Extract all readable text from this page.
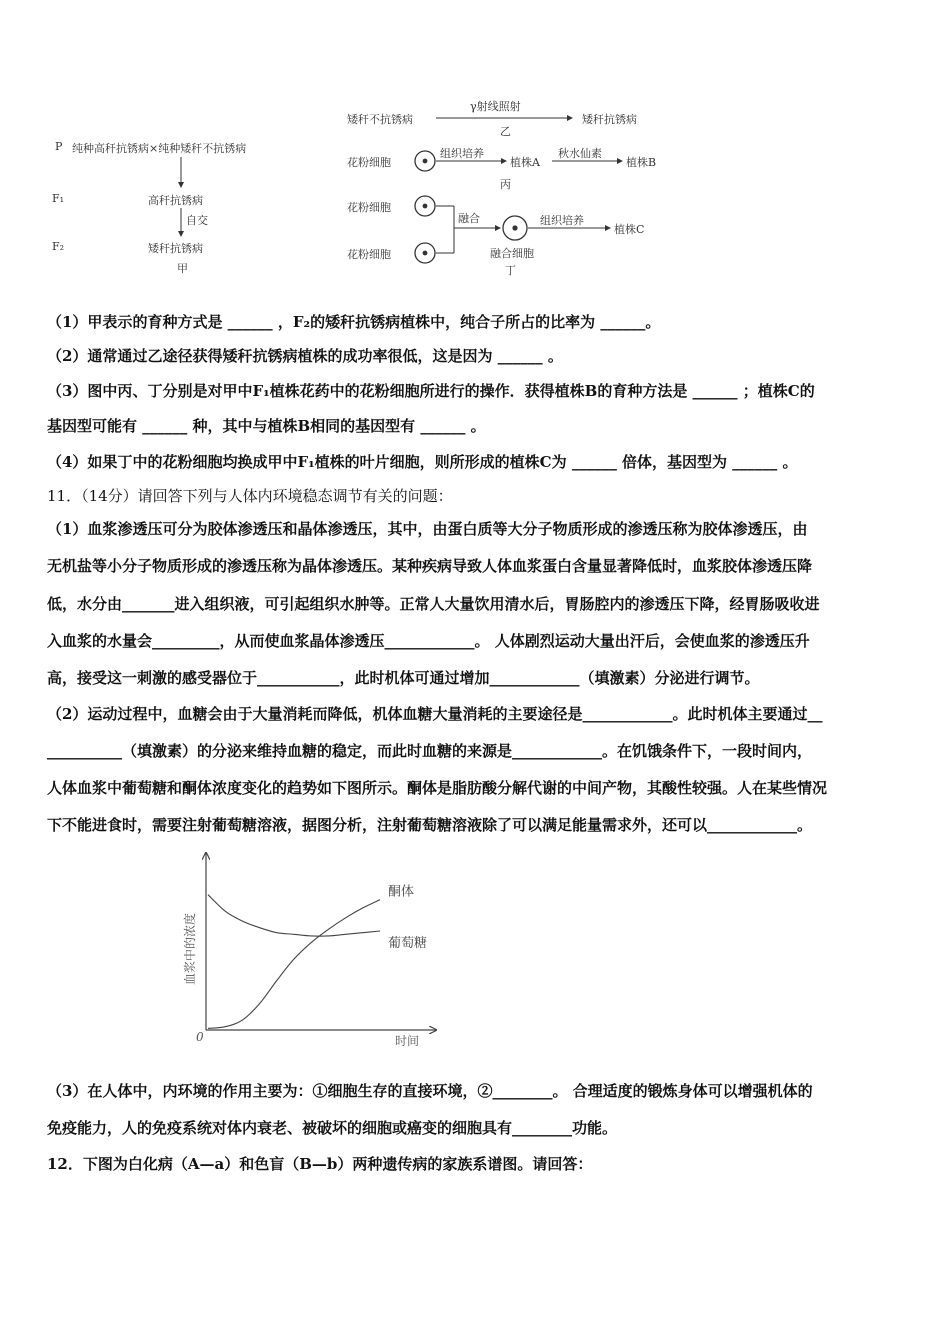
P 纯种高秆抗锈病×纯种矮秆不抗锈病
F₁	高秆抗锈病
自交
F₂	矮秆抗锈病
甲
矮秆不抗锈病
γ射线照射
矮秆抗锈病
乙
花粉细胞
组织培养
植株A
秋水仙素
植株B
丙
花粉细胞
融合	组织培养
植株C
花粉细胞	融合细胞
丁
（1）甲表示的育种方式是 ______ ，F₂的矮秆抗锈病植株中，纯合子所占的比率为 ______。
（2）通常通过乙途径获得矮秆抗锈病植株的成功率很低，这是因为 ______ 。
（3）图中丙、丁分别是对甲中F₁植株花药中的花粉细胞所进行的操作．获得植株B的育种方法是 ______ ；植株C的
基因型可能有 ______ 种，其中与植株B相同的基因型有 ______ 。
（4）如果丁中的花粉细胞均换成甲中F₁植株的叶片细胞，则所形成的植株C为 ______ 倍体，基因型为 ______ 。
11．（14分）请回答下列与人体内环境稳态调节有关的问题：
（1）血浆渗透压可分为胶体渗透压和晶体渗透压，其中，由蛋白质等大分子物质形成的渗透压称为胶体渗透压，由
无机盐等小分子物质形成的渗透压称为晶体渗透压。某种疾病导致人体血浆蛋白含量显著降低时，血浆胶体渗透压降
低，水分由_______进入组织液，可引起组织水肿等。正常人大量饮用清水后，胃肠腔内的渗透压下降，经胃肠吸收进
入血浆的水量会_________，从而使血浆晶体渗透压____________。 人体剧烈运动大量出汗后，会使血浆的渗透压升
高，接受这一刺激的感受器位于___________，此时机体可通过增加____________（填激素）分泌进行调节。
（2）运动过程中，血糖会由于大量消耗而降低，机体血糖大量消耗的主要途径是____________。此时机体主要通过__
__________（填激素）的分泌来维持血糖的稳定，而此时血糖的来源是____________。在饥饿条件下，一段时间内，
人体血浆中葡萄糖和酮体浓度变化的趋势如下图所示。酮体是脂肪酸分解代谢的中间产物，其酸性较强。人在某些情况
下不能进食时，需要注射葡萄糖溶液，据图分析，注射葡萄糖溶液除了可以满足能量需求外，还可以____________。
0	时间
血浆中的浓度	葡萄糖
酮体
（3）在人体中，内环境的作用主要为：①细胞生存的直接环境，②________。 合理适度的锻炼身体可以增强机体的
免疫能力，人的免疫系统对体内衰老、被破坏的细胞或癌变的细胞具有________功能。
12．下图为白化病（A—a）和色盲（B—b）两种遗传病的家族系谱图。请回答：
